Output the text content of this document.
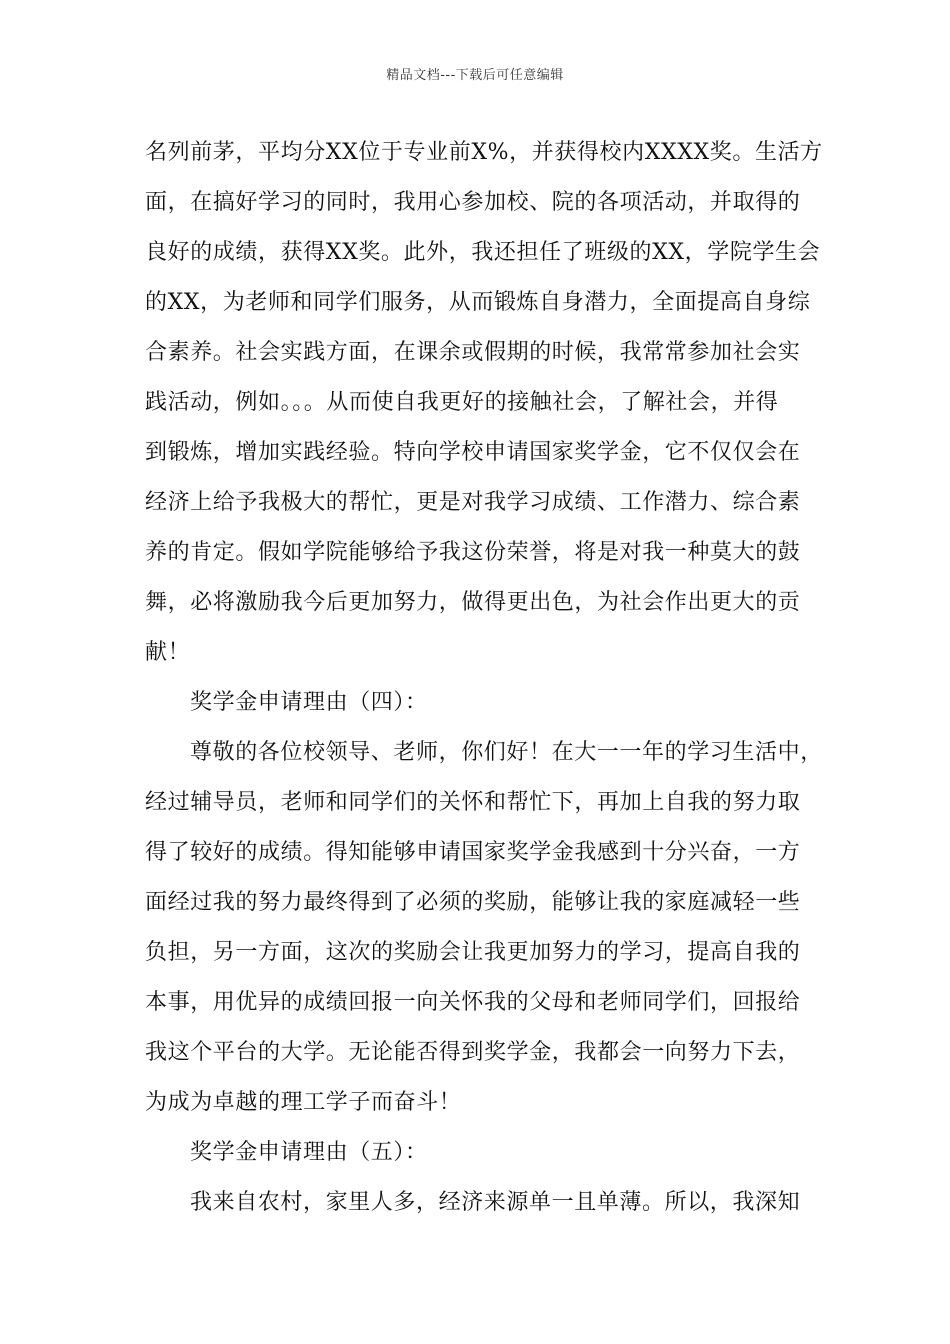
精品文档---下载后可任意编辑
名列前茅，平均分XX位于专业前X%，并获得校内XXXX奖。生活方
面，在搞好学习的同时，我用心参加校、院的各项活动，并取得的
良好的成绩，获得XX奖。此外，我还担任了班级的XX，学院学生会
的XX，为老师和同学们服务，从而锻炼自身潜力，全面提高自身综
合素养。社会实践方面，在课余或假期的时候，我常常参加社会实
践活动，例如。。。从而使自我更好的接触社会，了解社会，并得
到锻炼，增加实践经验。特向学校申请国家奖学金，它不仅仅会在
经济上给予我极大的帮忙，更是对我学习成绩、工作潜力、综合素
养的肯定。假如学院能够给予我这份荣誉，将是对我一种莫大的鼓
舞，必将激励我今后更加努力，做得更出色，为社会作出更大的贡
献！
奖学金申请理由（四）：
尊敬的各位校领导、老师，你们好！在大一一年的学习生活中，
经过辅导员，老师和同学们的关怀和帮忙下，再加上自我的努力取
得了较好的成绩。得知能够申请国家奖学金我感到十分兴奋，一方
面经过我的努力最终得到了必须的奖励，能够让我的家庭减轻一些
负担，另一方面，这次的奖励会让我更加努力的学习，提高自我的
本事，用优异的成绩回报一向关怀我的父母和老师同学们，回报给
我这个平台的大学。无论能否得到奖学金，我都会一向努力下去，
为成为卓越的理工学子而奋斗！
奖学金申请理由（五）：
我来自农村，家里人多，经济来源单一且单薄。所以，我深知
